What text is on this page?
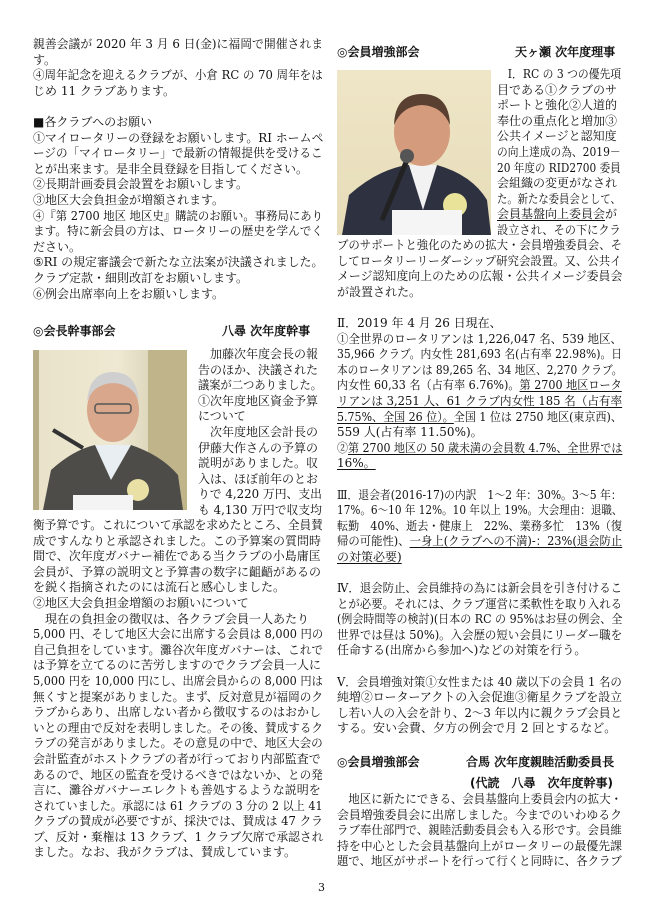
親善会議が 2020 年 3 月 6 日(金)に福岡で開催されま
す。
④周年記念を迎えるクラブが、小倉 RC の 70 周年をは
じめ 11 クラブあります。
■各クラブへのお願い
①マイロータリーの登録をお願いします。RI ホームペ
ージの「マイロータリー」で最新の情報提供を受けるこ
とが出来ます。是非全員登録を目指してください。
②長期計画委員会設置をお願いします。
③地区大会負担金が増額されます。
④『第 2700 地区 地区史』購読のお願い。事務局にあり
ます。特に新会員の方は、ロータリーの歴史を学んでく
ださい。
⑤RI の規定審議会で新たな立法案が決議されました。
クラブ定款・細則改訂をお願いします。
⑥例会出席率向上をお願いします。
◎会長幹事部会	八尋 次年度幹事
　加藤次年度会長の報
告のほか、決議された
議案が二つありました。
①次年度地区資金予算
について
　次年度地区会計長の
伊藤大作さんの予算の
説明がありました。収
入は、ほぼ前年のとお
りで 4,220 万円、支出
も 4,130 万円で収支均
衡予算です。これについて承認を求めたところ、全員賛
成ですんなりと承認されました。この予算案の質問時
間で、次年度ガバナー補佐である当クラブの小島庸匡
会員が、予算の説明文と予算書の数字に齟齬があるの
を鋭く指摘されたのには流石と感心しました。
②地区大会負担金増額のお願いについて
　現在の負担金の徴収は、各クラブ会員一人あたり
5,000 円、そして地区大会に出席する会員は 8,000 円の
自己負担をしています。灘谷次年度ガバナーは、これで
は予算を立てるのに苦労しますのでクラブ会員一人に
5,000 円を 10,000 円にし、出席会員からの 8,000 円は
無くすと提案がありました。まず、反対意見が福岡のク
ラブからあり、出席しない者から徴収するのはおかし
いとの理由で反対を表明しました。その後、賛成するク
ラブの発言がありました。その意見の中で、地区大会の
会計監査がホストクラブの者が行っており内部監査で
あるので、地区の監査を受けるべきではないか、との発
言に、灘谷ガバナーエレクトも善処するような説明を
されていました。承認には 61 クラブの 3 分の 2 以上 41
クラブの賛成が必要ですが、採決では、賛成は 47 クラ
ブ、反対・棄権は 13 クラブ、1 クラブ欠席で承認され
ました。なお、我がクラブは、賛成しています。
◎会員増強部会	天ヶ瀬 次年度理事
　Ⅰ．RC の 3 つの優先項
目である①クラブのサ
ポートと強化②人道的
奉仕の重点化と増加③
公共イメージと認知度
の向上達成の為、2019－
20 年度の RID2700 委員
会組織の変更がなされ
た。新たな委員会として、
会員基盤向上委員会が
設立され、その下にクラ
ブのサポートと強化のための拡大・会員増強委員会、そ
してロータリーリーダーシップ研究会設置。又、公共イ
メージ認知度向上のための広報・公共イメージ委員会
が設置された。
Ⅱ．2019 年 4 月 26 日現在、
①全世界のロータリアンは 1,226,047 名、539 地区、
35,966 クラブ。内女性 281,693 名(占有率 22.98%)。日
本のロータリアンは 89,265 名、34 地区、2,270 クラブ。
内女性 60,33 名（占有率 6.76%)。第 2700 地区ロータ
リアンは 3,251 人、61 クラブ内女性 185 名（占有率
5.75%、全国 26 位）。全国 1 位は 2750 地区(東京西)、
559 人(占有率 11.50%)。
②第 2700 地区の 50 歳未満の会員数 4.7%、全世界では
16%。
Ⅲ．退会者(2016-17)の内訳　1～2 年：30%。3～5 年：
17%。6～10 年 12%。10 年以上 19%。大会理由：退職、
転勤　40%、逝去・健康上　22%、業務多忙　13%（復
帰の可能性)、一身上(クラブへの不満)-：23%(退会防止
の対策必要)
Ⅳ．退会防止、会員維持の為には新会員を引き付けるこ
とが必要。それには、クラブ運営に柔軟性を取り入れる
(例会時間等の検討)(日本の RC の 95%はお昼の例会、全
世界では昼は 50%)。入会歴の短い会員にリーダー職を
任命する(出席から参加へ)などの対策を行う。
Ⅴ．会員増強対策①女性または 40 歳以下の会員 1 名の
純増②ローターアクトの入会促進③衛星クラブを設立
し若い人の入会を計り、2～3 年以内に親クラブ会員と
する。安い会費、夕方の例会で月 2 回とするなど。
◎会員増強部会	合馬 次年度親睦活動委員長
(代読　八尋　次年度幹事)
　地区に新たにできる、会員基盤向上委員会内の拡大・
会員増強委員会に出席しました。今までのいわゆるク
ラブ奉仕部門で、親睦活動委員会も入る形です。会員維
持を中心とした会員基盤向上がロータリーの最優先課
題で、地区がサポートを行って行くと同時に、各クラブ
3
